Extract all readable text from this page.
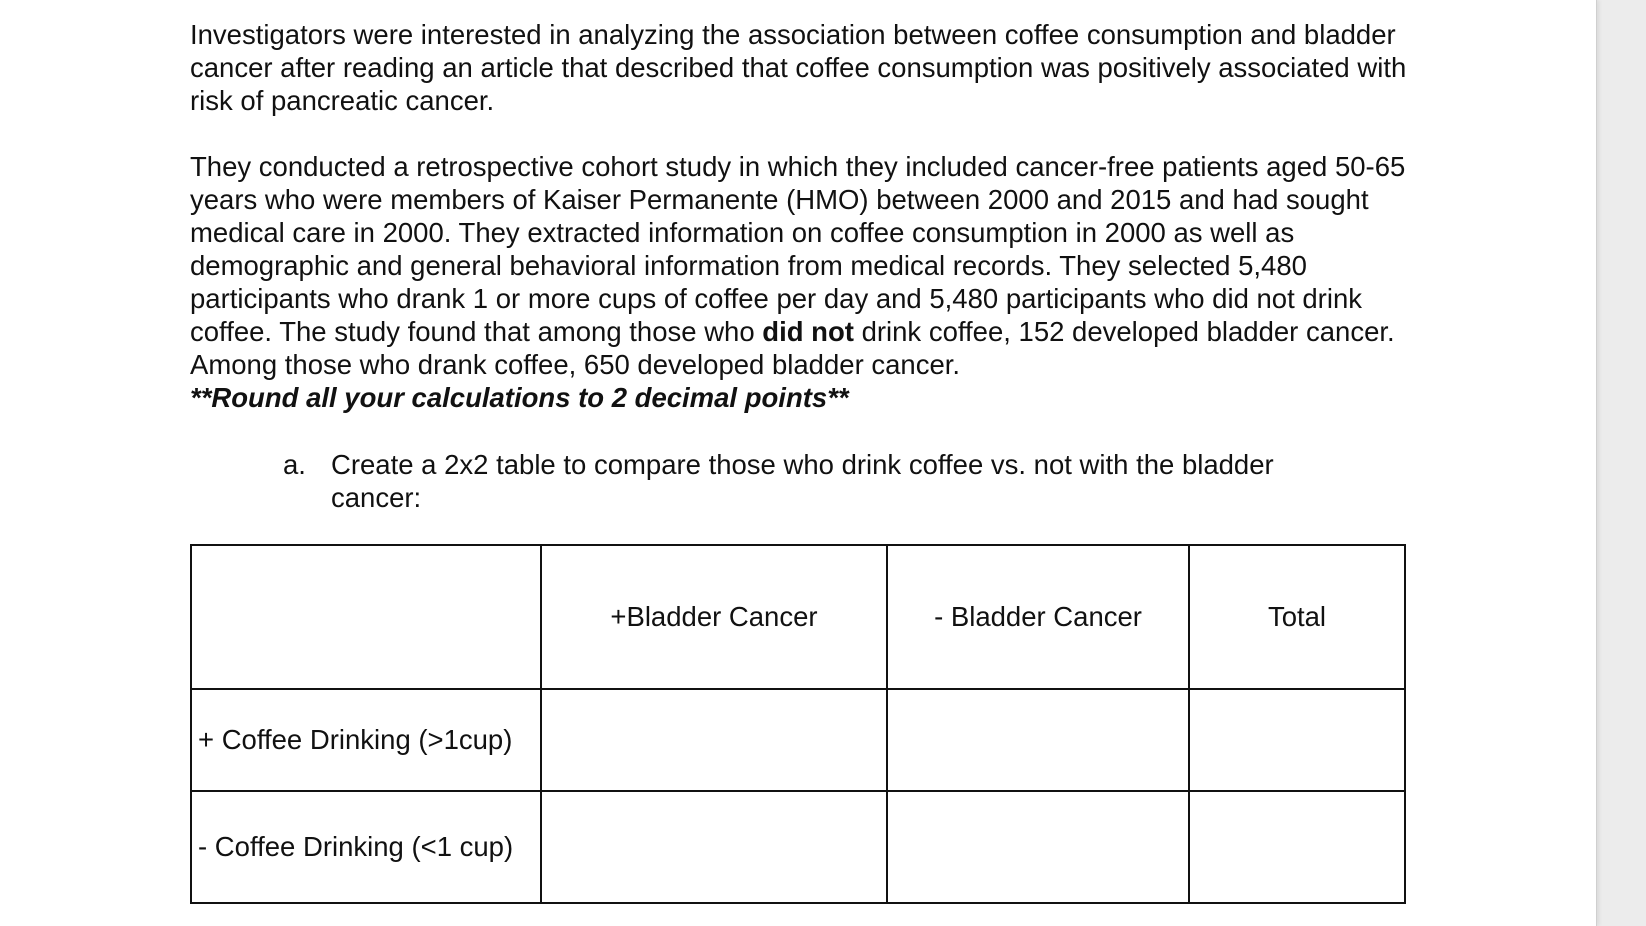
Investigators were interested in analyzing the association between coffee consumption and bladder cancer after reading an article that described that coffee consumption was positively associated with risk of pancreatic cancer.

They conducted a retrospective cohort study in which they included cancer-free patients aged 50-65 years who were members of Kaiser Permanente (HMO) between 2000 and 2015 and had sought medical care in 2000. They extracted information on coffee consumption in 2000 as well as demographic and general behavioral information from medical records. They selected 5,480 participants who drank 1 or more cups of coffee per day and 5,480 participants who did not drink coffee. The study found that among those who did not drink coffee, 152 developed bladder cancer. Among those who drank coffee, 650 developed bladder cancer.
**Round all your calculations to 2 decimal points**

a. Create a 2x2 table to compare those who drink coffee vs. not with the bladder cancer:
	+Bladder Cancer	- Bladder Cancer	Total
+ Coffee Drinking (>1cup)			
- Coffee Drinking (<1 cup)			
